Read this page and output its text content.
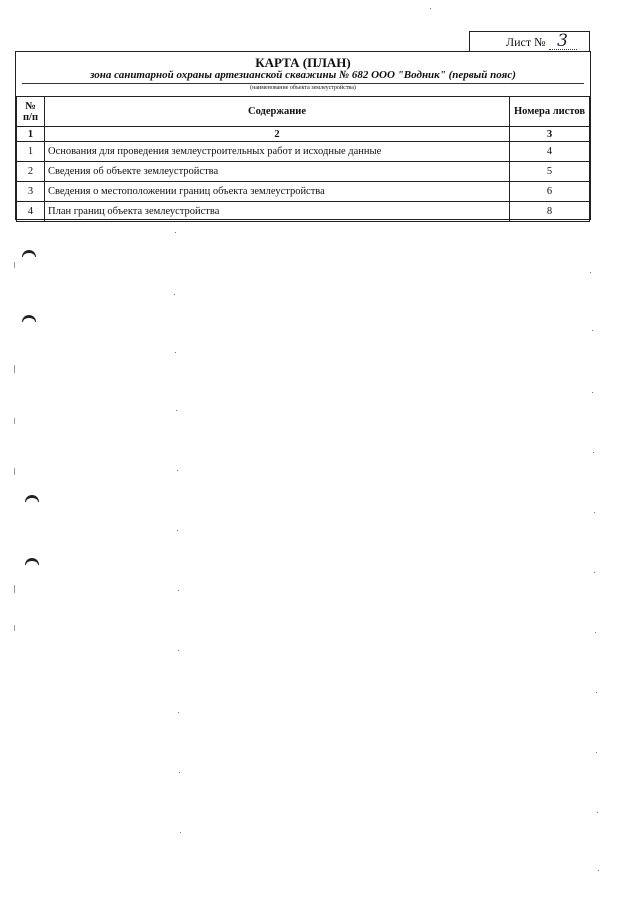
Лист № 3
КАРТА (ПЛАН)
зона санитарной охраны артезианской скважины № 682 ООО "Водник" (первый пояс)
(наименование объекта землеустройства)
№ п/п	Содержание	Номера листов
1	2	3
1	Основания для проведения землеустроительных работ и исходные данные	4
2	Сведения об объекте землеустройства	5
3	Сведения о местоположении границ объекта землеустройства	6
4	План границ объекта землеустройства	8
